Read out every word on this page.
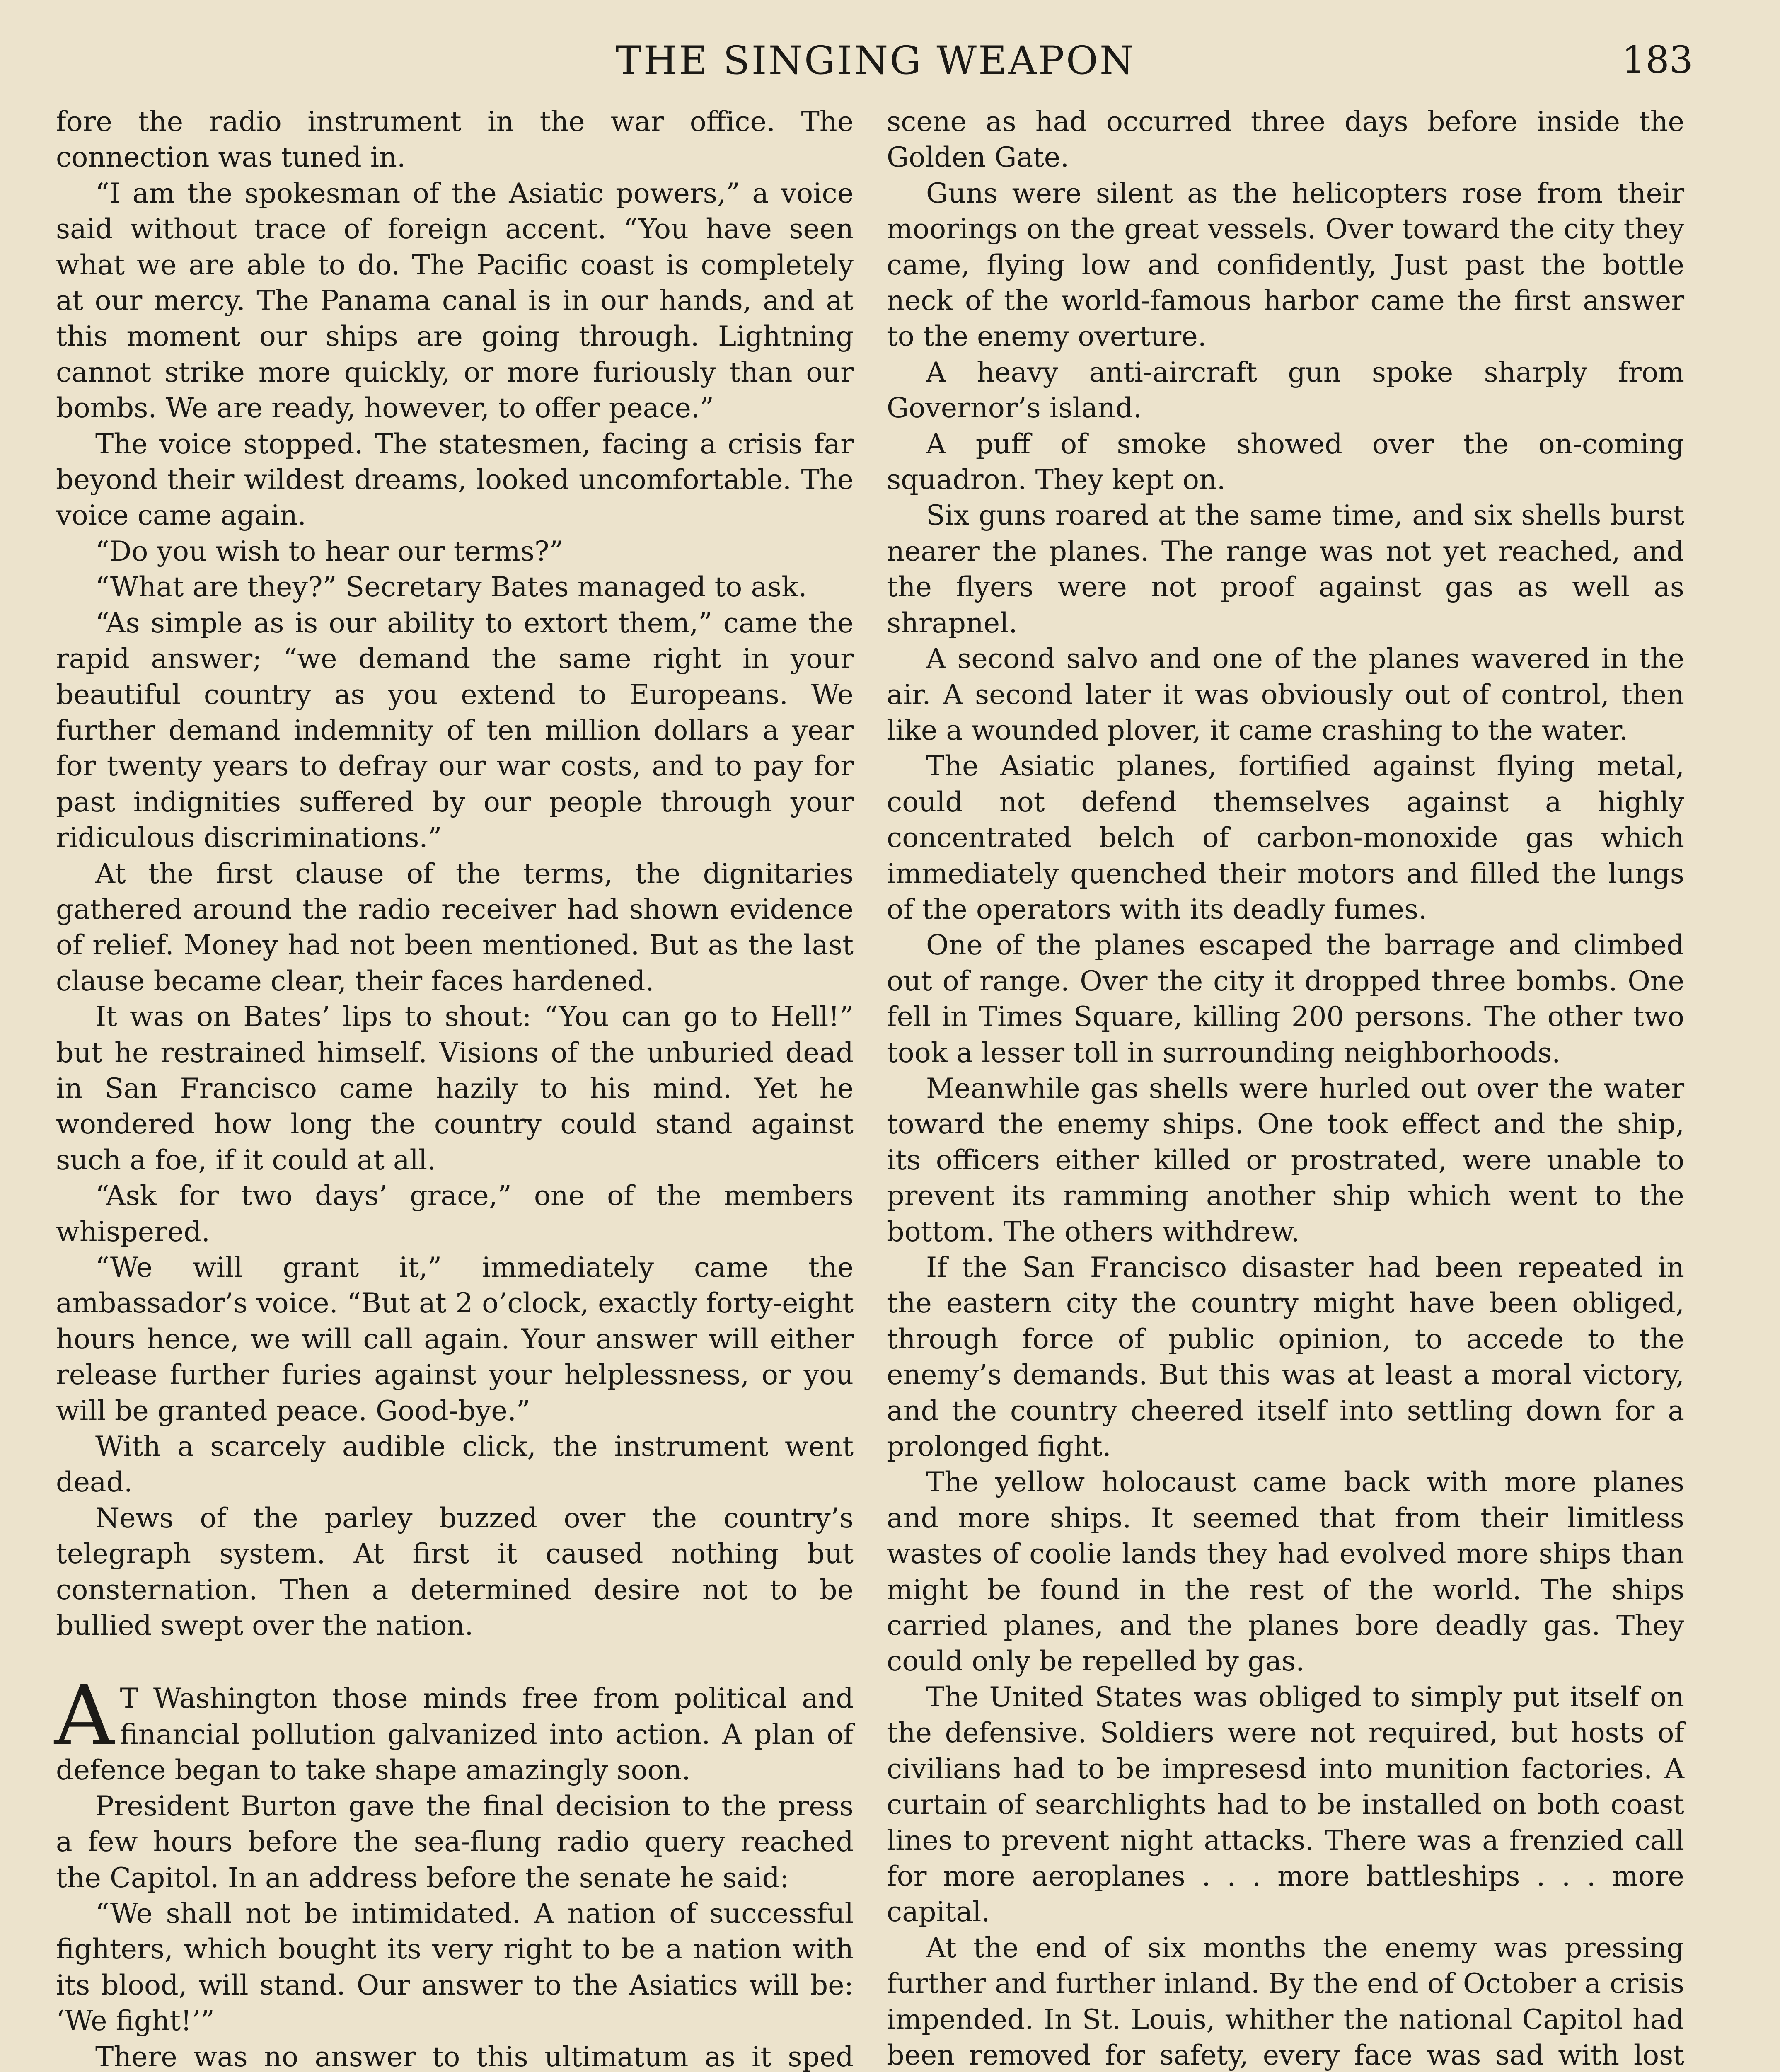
THE SINGING WEAPON	183

fore the radio instrument in the war office. The connection was tuned in.

“I am the spokesman of the Asiatic powers,” a voice said without trace of foreign accent. “You have seen what we are able to do. The Pacific coast is completely at our mercy. The Panama canal is in our hands, and at this moment our ships are going through. Lightning cannot strike more quickly, or more furiously than our bombs. We are ready, however, to offer peace.”

The voice stopped. The statesmen, facing a crisis far beyond their wildest dreams, looked uncomfortable. The voice came again.

“Do you wish to hear our terms?”

“What are they?” Secretary Bates managed to ask.

“As simple as is our ability to extort them,” came the rapid answer; “we demand the same right in your beautiful country as you extend to Europeans. We further demand indemnity of ten million dollars a year for twenty years to defray our war costs, and to pay for past indignities suffered by our people through your ridiculous discriminations.”

At the first clause of the terms, the dignitaries gathered around the radio receiver had shown evidence of relief. Money had not been mentioned. But as the last clause became clear, their faces hardened.

It was on Bates’ lips to shout: “You can go to Hell!” but he restrained himself. Visions of the unburied dead in San Francisco came hazily to his mind. Yet he wondered how long the country could stand against such a foe, if it could at all.

“Ask for two days’ grace,” one of the members whispered.

“We will grant it,” immediately came the ambassador’s voice. “But at 2 o’clock, exactly forty-eight hours hence, we will call again. Your answer will either release further furies against your helplessness, or you will be granted peace. Good-bye.”

With a scarcely audible click, the instrument went dead.

News of the parley buzzed over the country’s telegraph system. At first it caused nothing but consternation. Then a determined desire not to be bullied swept over the nation.

A T Washington those minds free from political and financial pollution galvanized into action. A plan of defence began to take shape amazingly soon.

President Burton gave the final decision to the press a few hours before the sea-flung radio query reached the Capitol. In an address before the senate he said:

“We shall not be intimidated. A nation of successful fighters, which bought its very right to be a nation with its blood, will stand. Our answer to the Asiatics will be: ‘We fight!’”

There was no answer to this ultimatum as it sped

scene as had occurred three days before inside the Golden Gate.

Guns were silent as the helicopters rose from their moorings on the great vessels. Over toward the city they came, flying low and confidently, Just past the bottle neck of the world-famous harbor came the first answer to the enemy overture.

A heavy anti-aircraft gun spoke sharply from Governor’s island.

A puff of smoke showed over the on-coming squadron. They kept on.

Six guns roared at the same time, and six shells burst nearer the planes. The range was not yet reached, and the flyers were not proof against gas as well as shrapnel.

A second salvo and one of the planes wavered in the air. A second later it was obviously out of control, then like a wounded plover, it came crashing to the water.

The Asiatic planes, fortified against flying metal, could not defend themselves against a highly concentrated belch of carbon-monoxide gas which immediately quenched their motors and filled the lungs of the operators with its deadly fumes.

One of the planes escaped the barrage and climbed out of range. Over the city it dropped three bombs. One fell in Times Square, killing 200 persons. The other two took a lesser toll in surrounding neighborhoods.

Meanwhile gas shells were hurled out over the water toward the enemy ships. One took effect and the ship, its officers either killed or prostrated, were unable to prevent its ramming another ship which went to the bottom. The others withdrew.

If the San Francisco disaster had been repeated in the eastern city the country might have been obliged, through force of public opinion, to accede to the enemy’s demands. But this was at least a moral victory, and the country cheered itself into settling down for a prolonged fight.

The yellow holocaust came back with more planes and more ships. It seemed that from their limitless wastes of coolie lands they had evolved more ships than might be found in the rest of the world. The ships carried planes, and the planes bore deadly gas. They could only be repelled by gas.

The United States was obliged to simply put itself on the defensive. Soldiers were not required, but hosts of civilians had to be impresesd into munition factories. A curtain of searchlights had to be installed on both coast lines to prevent night attacks. There was a frenzied call for more aeroplanes . . . more battleships . . . more capital.

At the end of six months the enemy was pressing further and further inland. By the end of October a crisis impended. In St. Louis, whither the national Capitol had been removed for safety, every face was sad with lost
